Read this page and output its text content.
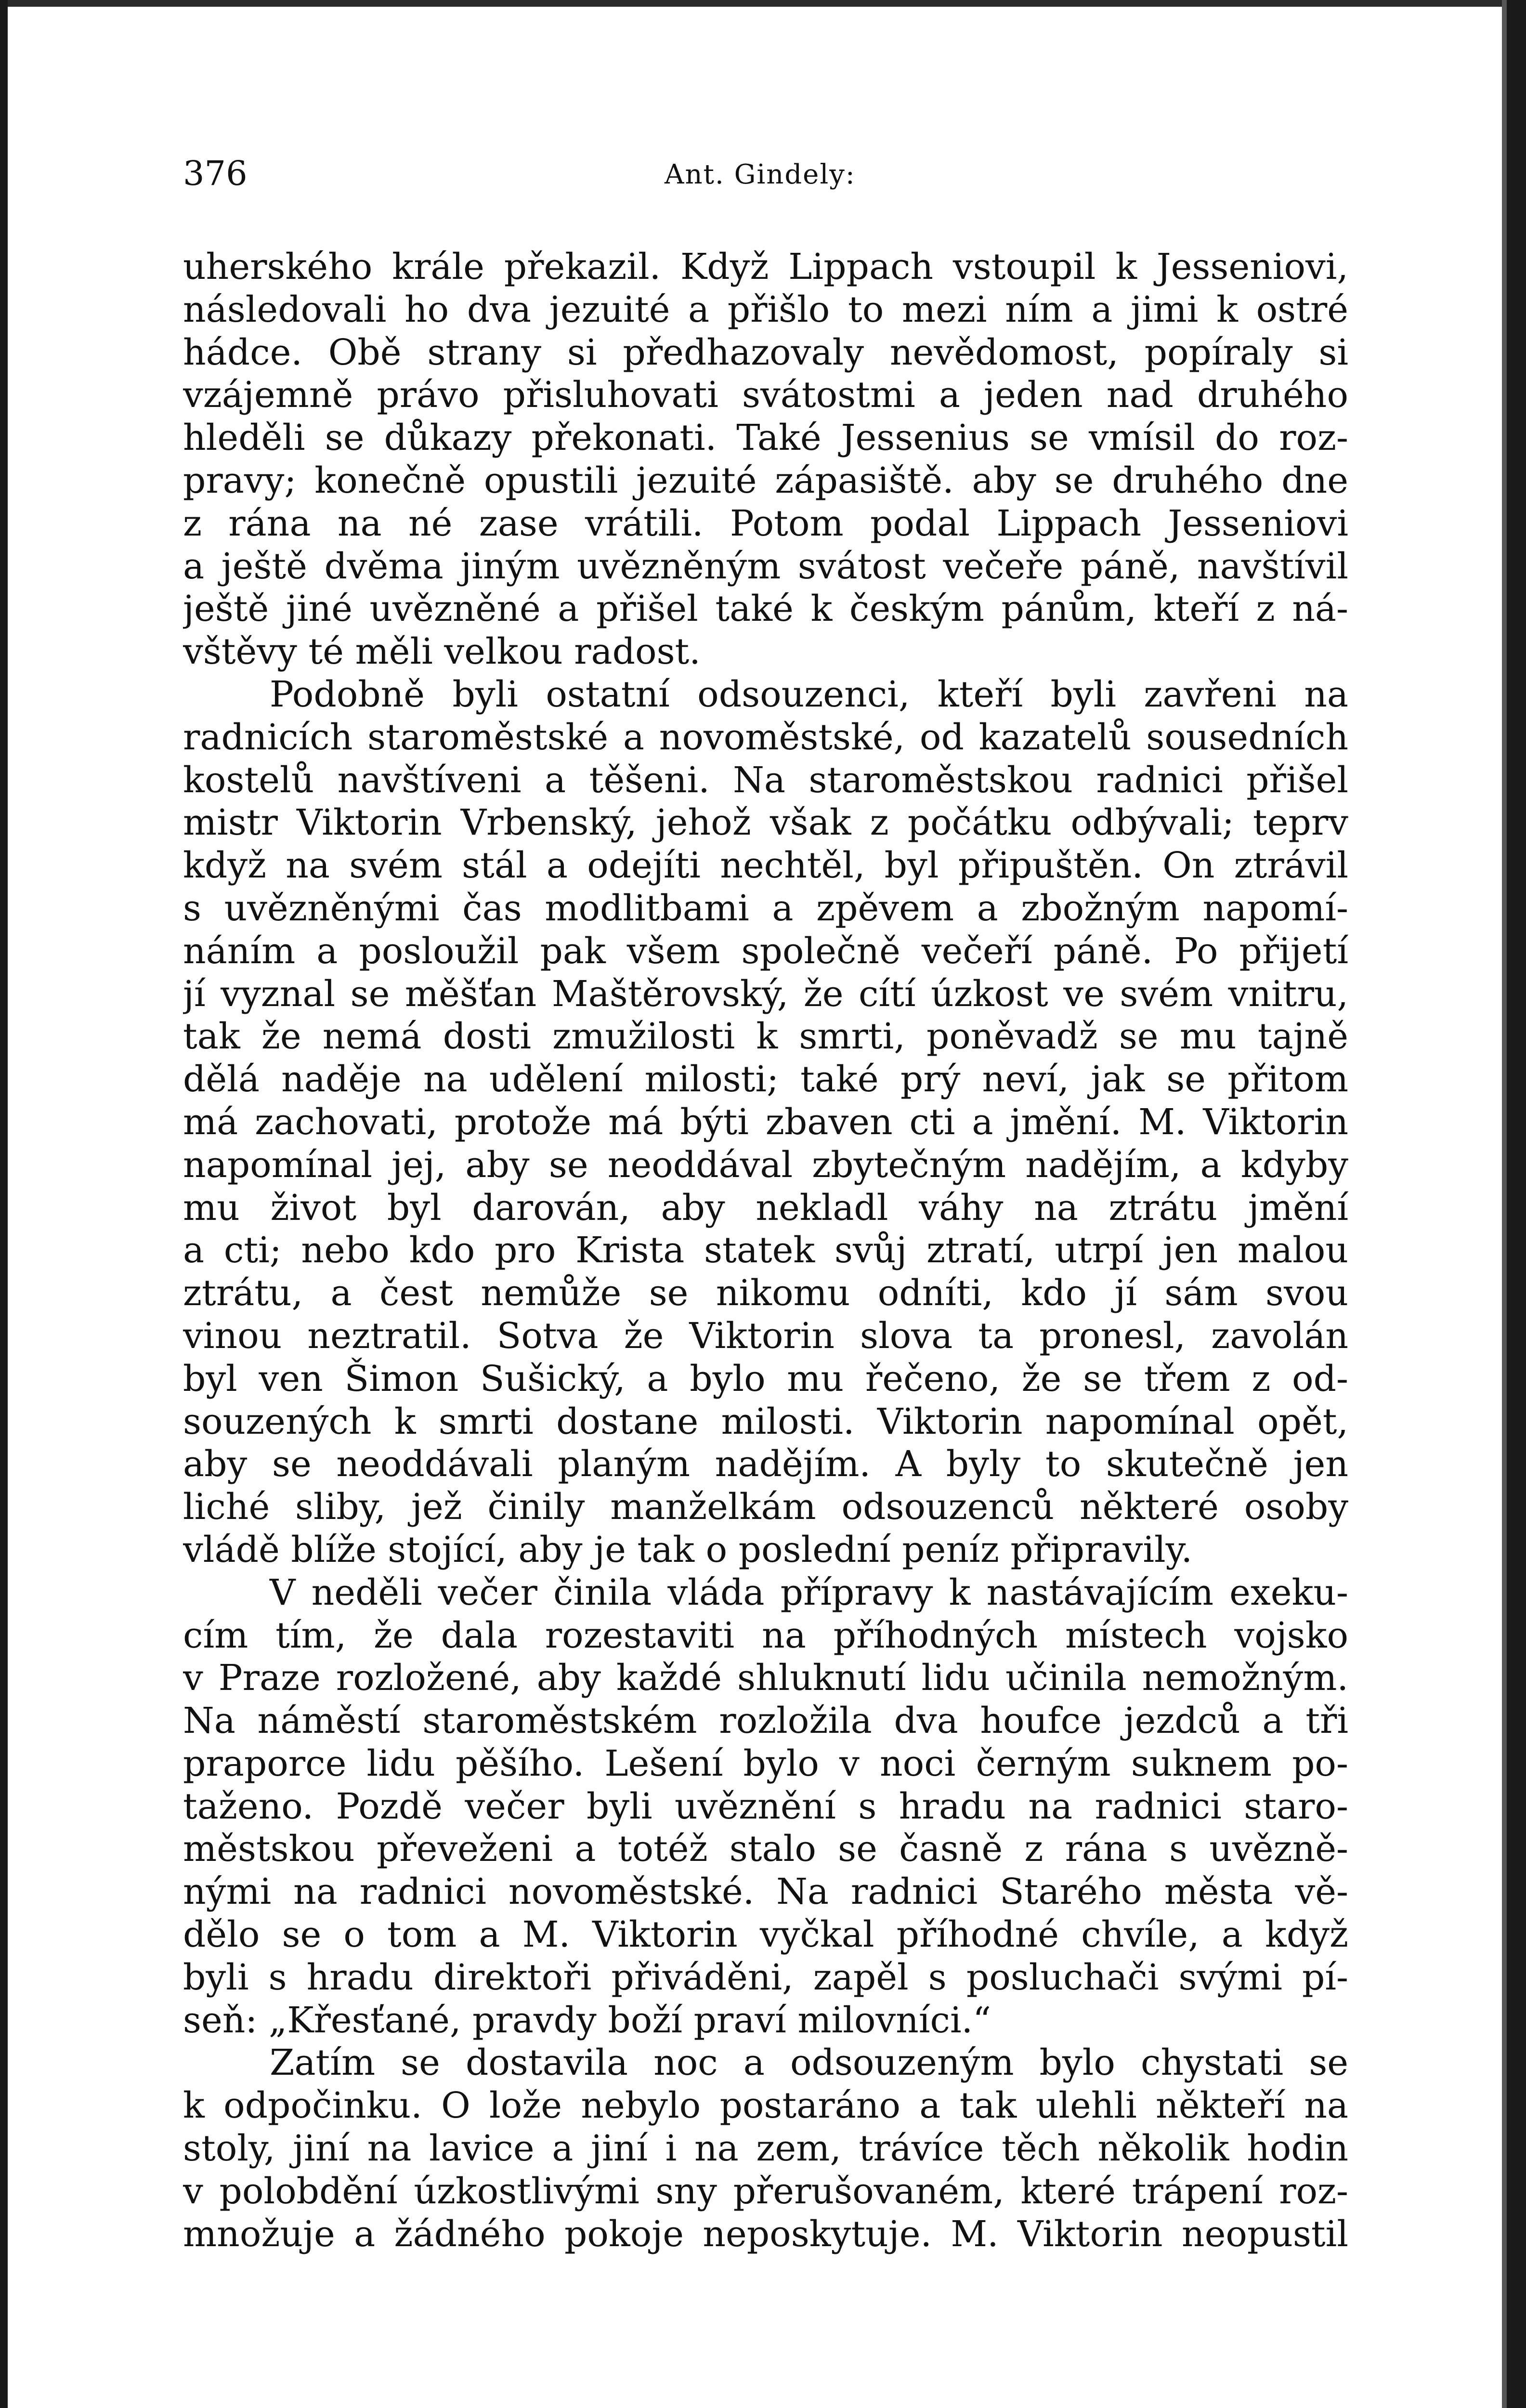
376	Ant. Gindely:
uherského krále překazil. Když Lippach vstoupil k Jesseniovi,
následovali ho dva jezuité a přišlo to mezi ním a jimi k ostré
hádce. Obě strany si předhazovaly nevědomost, popíraly si
vzájemně právo přisluhovati svátostmi a jeden nad druhého
hleděli se důkazy překonati. Také Jessenius se vmísil do roz-
pravy; konečně opustili jezuité zápasiště. aby se druhého dne
z rána na né zase vrátili. Potom podal Lippach Jesseniovi
a ještě dvěma jiným uvězněným svátost večeře páně, navštívil
ještě jiné uvězněné a přišel také k českým pánům, kteří z ná-
vštěvy té měli velkou radost.
Podobně byli ostatní odsouzenci, kteří byli zavřeni na
radnicích staroměstské a novoměstské, od kazatelů sousedních
kostelů navštíveni a těšeni. Na staroměstskou radnici přišel
mistr Viktorin Vrbenský, jehož však z počátku odbývali; teprv
když na svém stál a odejíti nechtěl, byl připuštěn. On ztrávil
s uvězněnými čas modlitbami a zpěvem a zbožným napomí-
náním a posloužil pak všem společně večeří páně. Po přijetí
jí vyznal se měšťan Maštěrovský, že cítí úzkost ve svém vnitru,
tak že nemá dosti zmužilosti k smrti, poněvadž se mu tajně
dělá naděje na udělení milosti; také prý neví, jak se přitom
má zachovati, protože má býti zbaven cti a jmění. M. Viktorin
napomínal jej, aby se neoddával zbytečným nadějím, a kdyby
mu život byl darován, aby nekladl váhy na ztrátu jmění
a cti; nebo kdo pro Krista statek svůj ztratí, utrpí jen malou
ztrátu, a čest nemůže se nikomu odníti, kdo jí sám svou
vinou neztratil. Sotva že Viktorin slova ta pronesl, zavolán
byl ven Šimon Sušický, a bylo mu řečeno, že se třem z od-
souzených k smrti dostane milosti. Viktorin napomínal opět,
aby se neoddávali planým nadějím. A byly to skutečně jen
liché sliby, jež činily manželkám odsouzenců některé osoby
vládě blíže stojící, aby je tak o poslední peníz připravily.
V neděli večer činila vláda přípravy k nastávajícím exeku-
cím tím, že dala rozestaviti na příhodných místech vojsko
v Praze rozložené, aby každé shluknutí lidu učinila nemožným.
Na náměstí staroměstském rozložila dva houfce jezdců a tři
praporce lidu pěšího. Lešení bylo v noci černým suknem po-
taženo. Pozdě večer byli uvěznění s hradu na radnici staro-
městskou převeženi a totéž stalo se časně z rána s uvězně-
nými na radnici novoměstské. Na radnici Starého města vě-
dělo se o tom a M. Viktorin vyčkal příhodné chvíle, a když
byli s hradu direktoři přiváděni, zapěl s posluchači svými pí-
seň: „Křesťané, pravdy boží praví milovníci.“
Zatím se dostavila noc a odsouzeným bylo chystati se
k odpočinku. O lože nebylo postaráno a tak ulehli někteří na
stoly, jiní na lavice a jiní i na zem, trávíce těch několik hodin
v polobdění úzkostlivými sny přerušovaném, které trápení roz-
množuje a žádného pokoje neposkytuje. M. Viktorin neopustil
